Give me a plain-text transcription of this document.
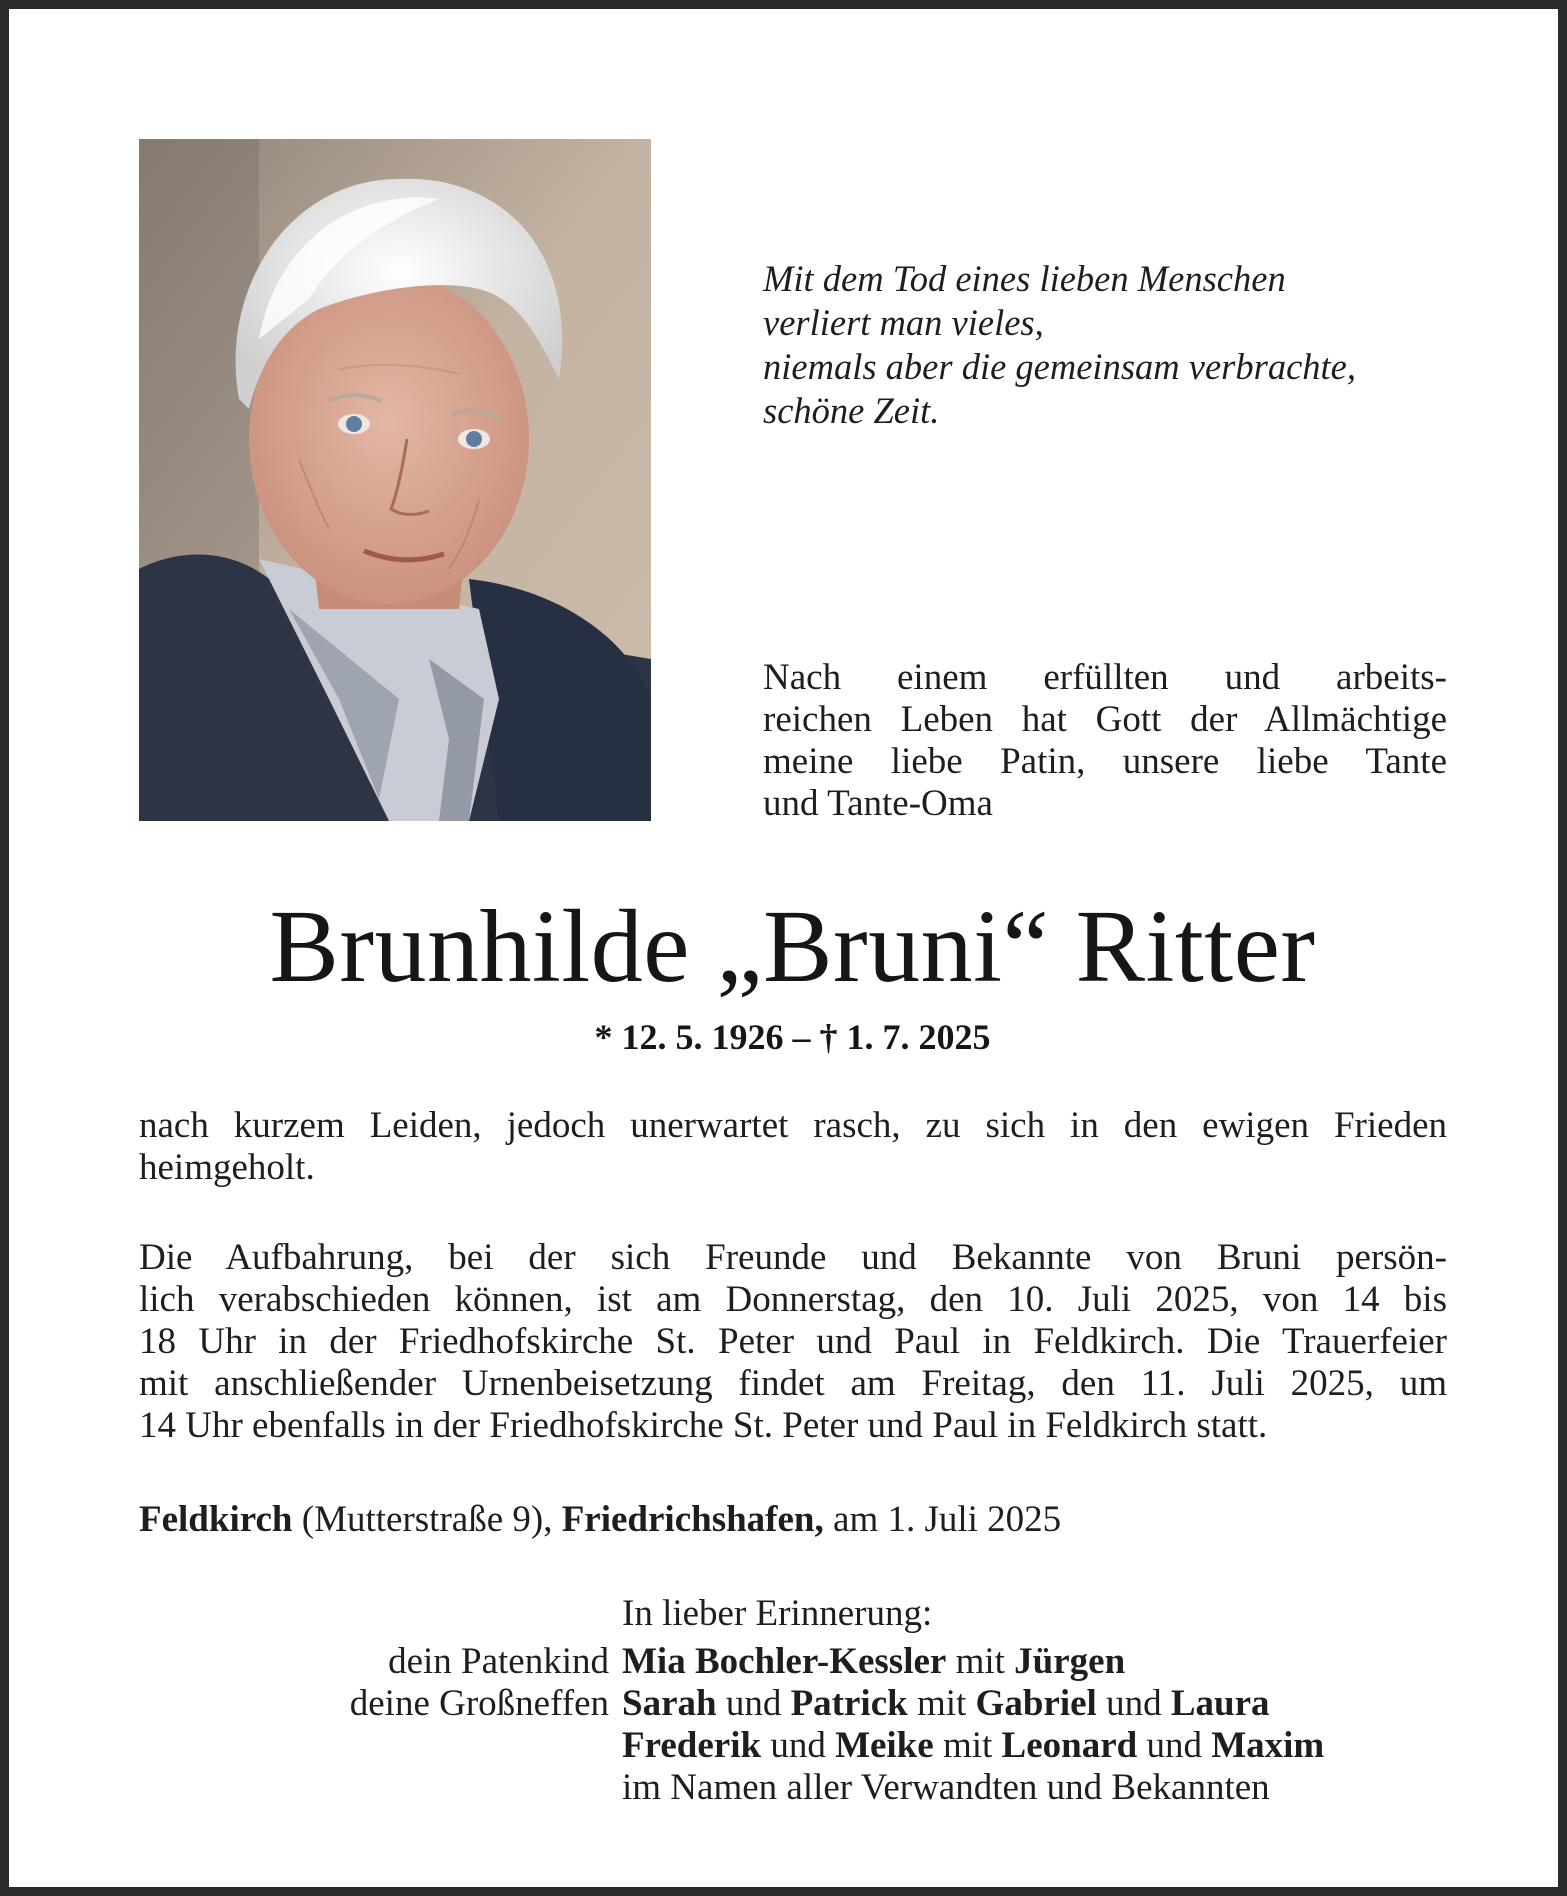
Mit dem Tod eines lieben Menschen
verliert man vieles,
niemals aber die gemeinsam verbrachte,
schöne Zeit.
Nach einem erfüllten und arbeits-
reichen Leben hat Gott der Allmächtige
meine liebe Patin, unsere liebe Tante
und Tante-Oma
Brunhilde „Bruni“ Ritter
* 12. 5. 1926 – † 1. 7. 2025
nach kurzem Leiden, jedoch unerwartet rasch, zu sich in den ewigen Frieden
heimgeholt.
Die Aufbahrung, bei der sich Freunde und Bekannte von Bruni persön-
lich verabschieden können, ist am Donnerstag, den 10. Juli 2025, von 14 bis
18 Uhr in der Friedhofskirche St. Peter und Paul in Feldkirch. Die Trauerfeier
mit anschließender Urnenbeisetzung findet am Freitag, den 11. Juli 2025, um
14 Uhr ebenfalls in der Friedhofskirche St. Peter und Paul in Feldkirch statt.
Feldkirch (Mutterstraße 9), Friedrichshafen, am 1. Juli 2025
In lieber Erinnerung:
dein Patenkind Mia Bochler-Kessler mit Jürgen
deine Großneffen Sarah und Patrick mit Gabriel und Laura
Frederik und Meike mit Leonard und Maxim
im Namen aller Verwandten und Bekannten
